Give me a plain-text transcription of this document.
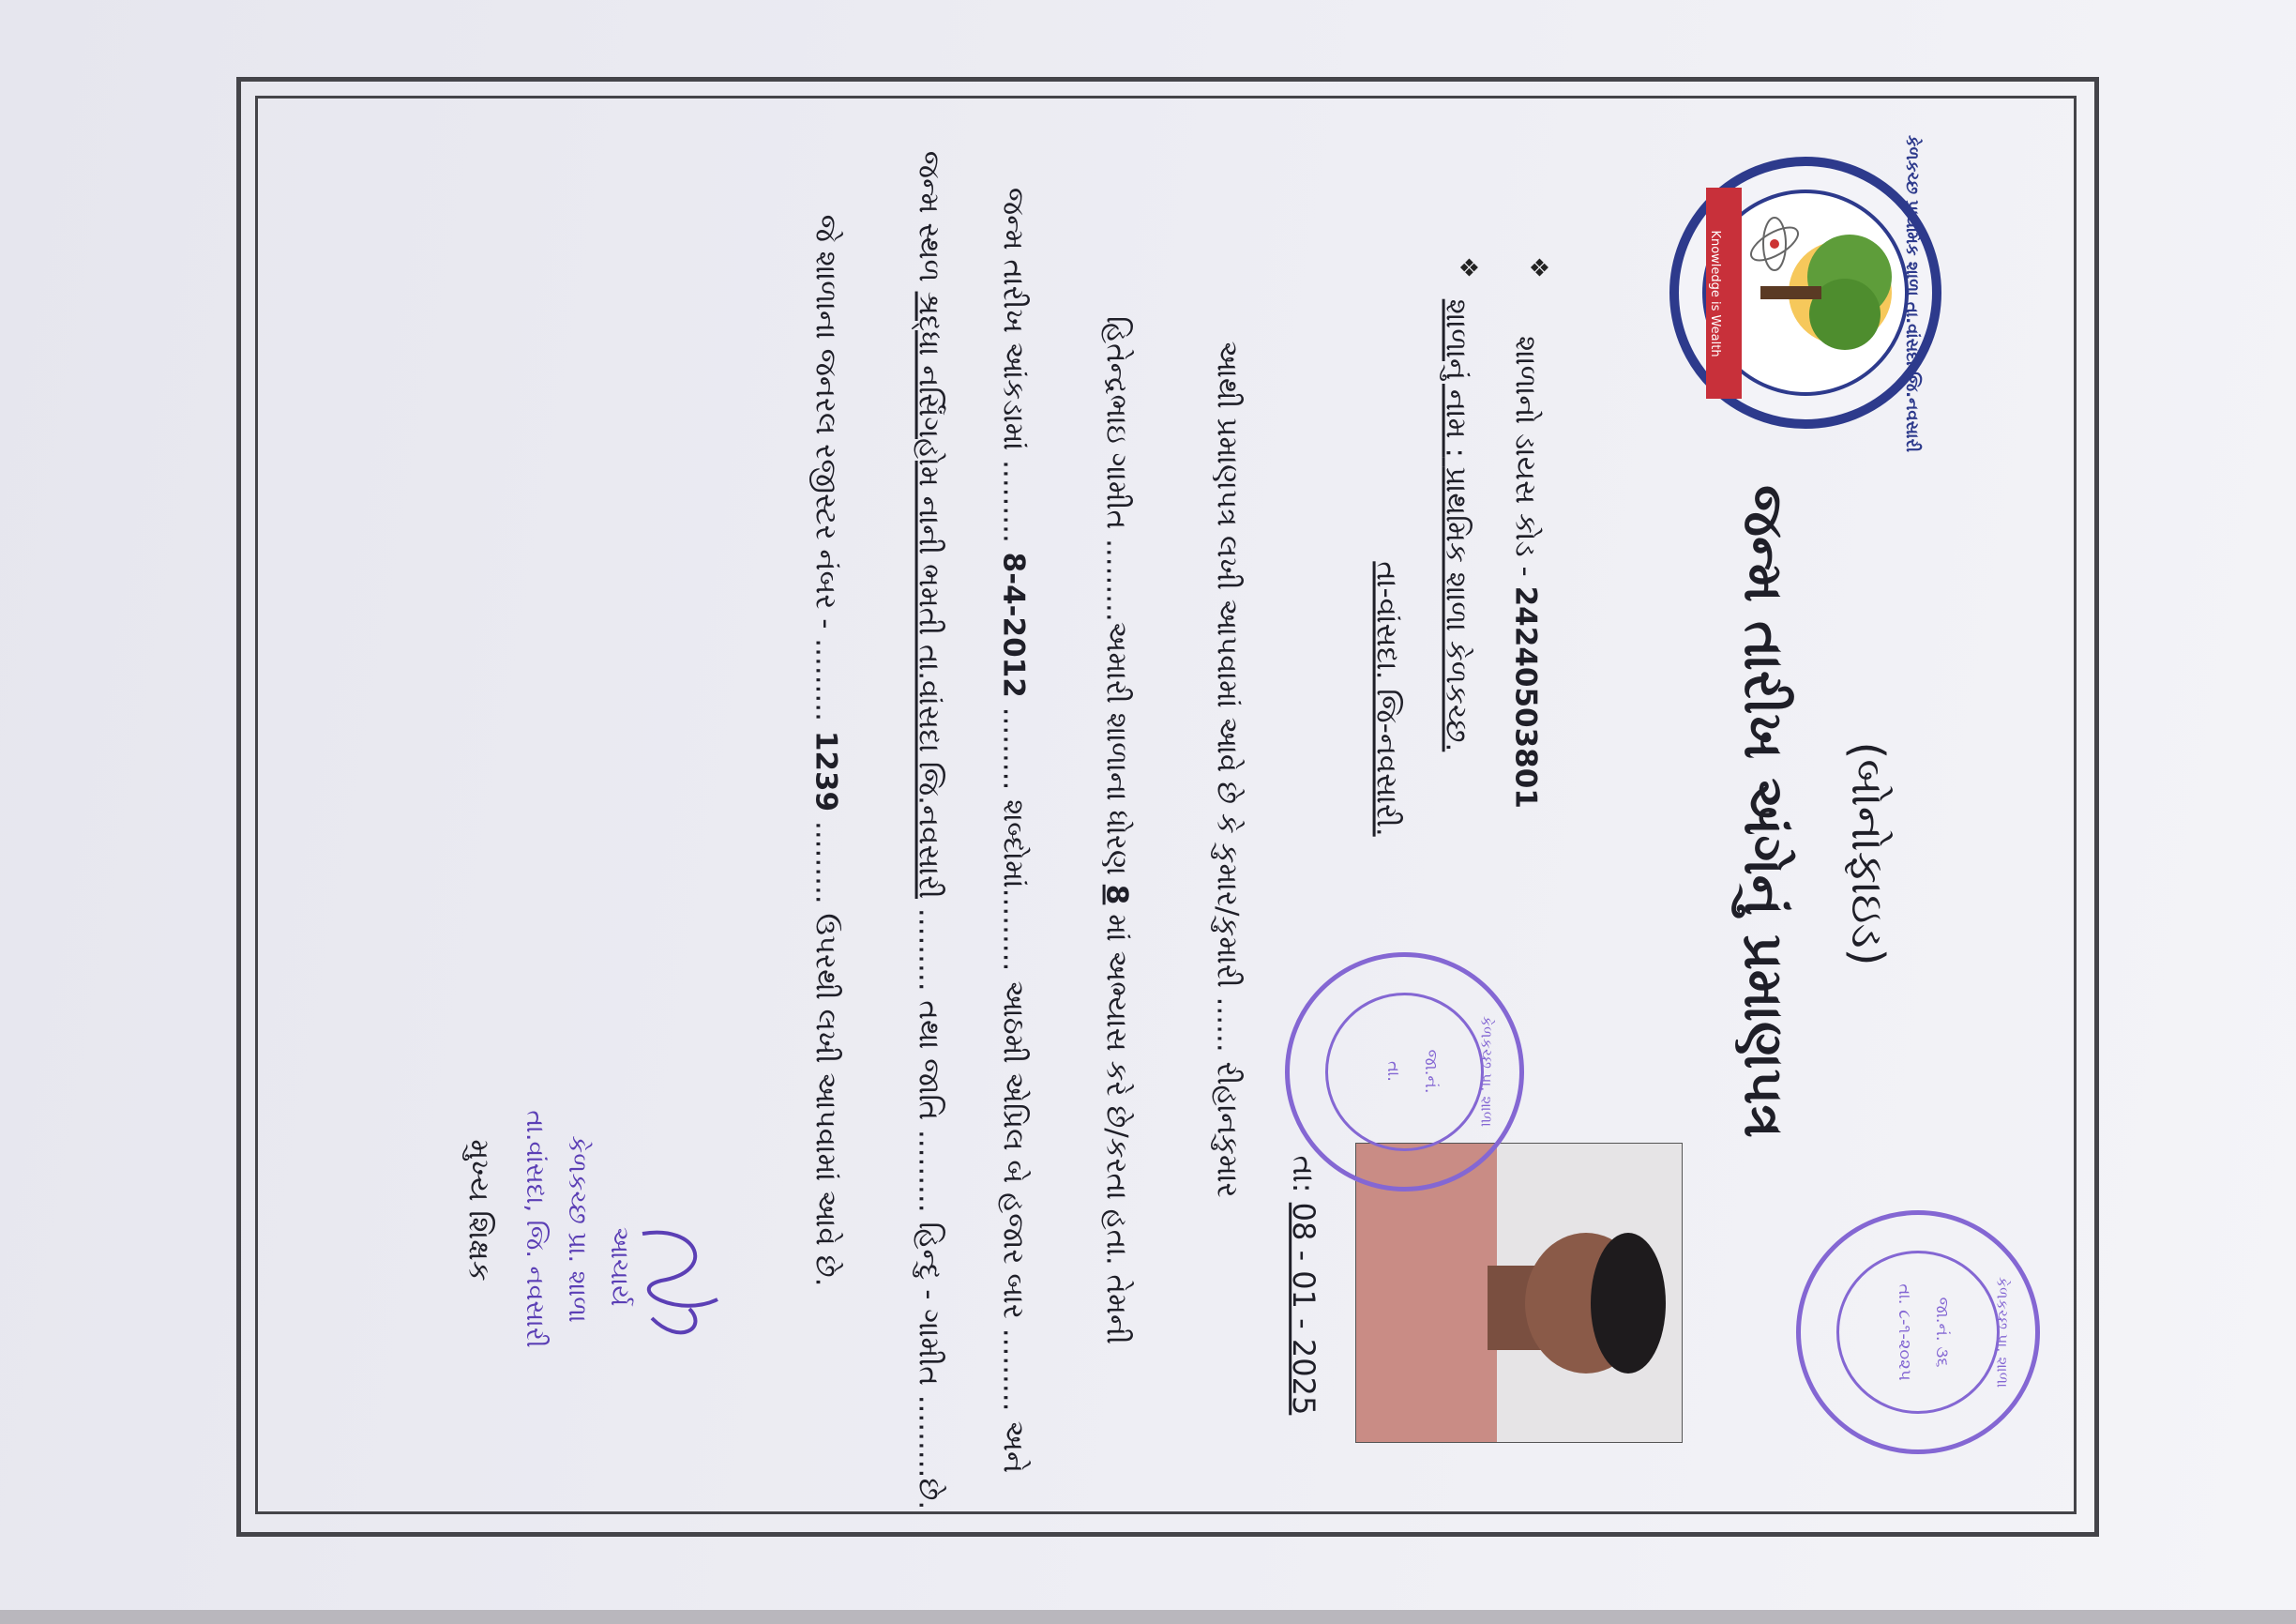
કેળકચ્છ પ્રાથમિક શાળા તા.વાંસદા જિ.નવસારી
Knowledge is Wealth
જન્મ તારીખ અંગેનું પ્રમાણપત્ર (બોનોફાઇડ)
❖
શાળાનો ડાયસ કોડ - 24240503801
❖
શાળાનું નામ : પ્રાથમિક શાળા કેળકચ્છ.
તા-વાંસદા. જિ-નવસારી.
તા: 08 - 01 - 2025
આથી પ્રમાણપત્ર લખી આપવામાં આવે છે કે કુમાર/કુમારી ...... રીહાનકુમાર
હિતેન્દ્રભાઇ ગામીત .........અમારી શાળાના ધોરણ 8 માં અભ્યાસ કરે છે/કરતા હતા. તેમની
જન્મ તારીખ આંકડામાં ......... 8-4-2012 ......... શબ્દોમાં......... આઠમી એપ્રિલ બે હજાર બાર ......... અને
જન્મ સ્થળ શ્રદ્ધા નર્સિંગહોમ નાની ભમતી તા.વાંસદા જિ.નવસારી ......... તથા જાતિ ......... હિન્દુ - ગામીત .........છે.
જે શાળાના જનરલ રજીસ્ટર નંબર - ......... 1239 ......... ઉપરથી લખી આપવામાં આવે છે.
આચાર્ય
કેળકચ્છ પ્રા. શાળા
તા.વાંસદા, જિ. નવસારી
મુખ્ય શિક્ષક
કેળકચ્છ પ્રા. શાળા
જા.નં. ૩૬
તા. ૮-૧-૨૦૨૫
કેળકચ્છ પ્રા. શાળા
જા.નં.
તા.
